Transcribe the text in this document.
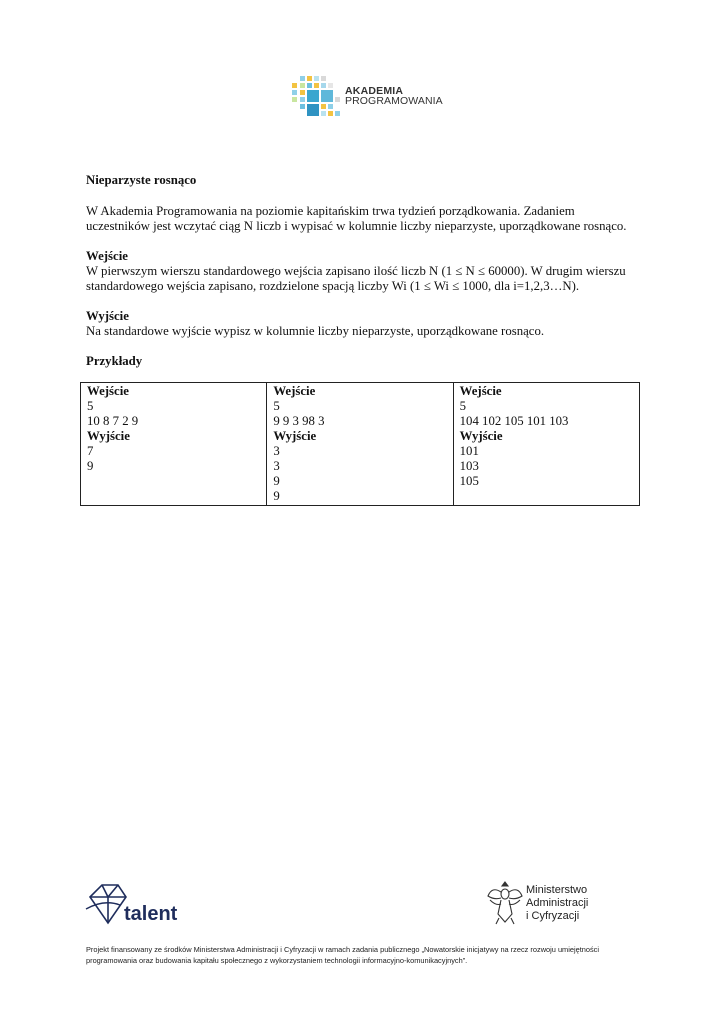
AKADEMIA
PROGRAMOWANIA
Nieparzyste rosnąco
W Akademia Programowania na poziomie kapitańskim trwa tydzień porządkowania. Zadaniem
uczestników jest wczytać ciąg N liczb i wypisać w kolumnie liczby nieparzyste, uporządkowane rosnąco.
Wejście
W pierwszym wierszu standardowego wejścia zapisano ilość liczb N (1 ≤ N ≤ 60000). W drugim wierszu
standardowego wejścia zapisano, rozdzielone spacją liczby Wi (1 ≤ Wi ≤ 1000, dla i=1,2,3…N).
Wyjście
Na standardowe wyjście wypisz w kolumnie liczby nieparzyste, uporządkowane rosnąco.
Przykłady
Wejście
5
10 8 7 2 9
Wyjście
7
9

Wejście
5
9 9 3 98 3
Wyjście
3
3
9
9

Wejście
5
104 102 105 101 103
Wyjście
101
103
105
talent
Ministerstwo
Administracji
i Cyfryzacji
Projekt finansowany ze środków Ministerstwa Administracji i Cyfryzacji w ramach zadania publicznego „Nowatorskie inicjatywy na rzecz rozwoju umiejętności
programowania oraz budowania kapitału społecznego z wykorzystaniem technologii informacyjno-komunikacyjnych”.
